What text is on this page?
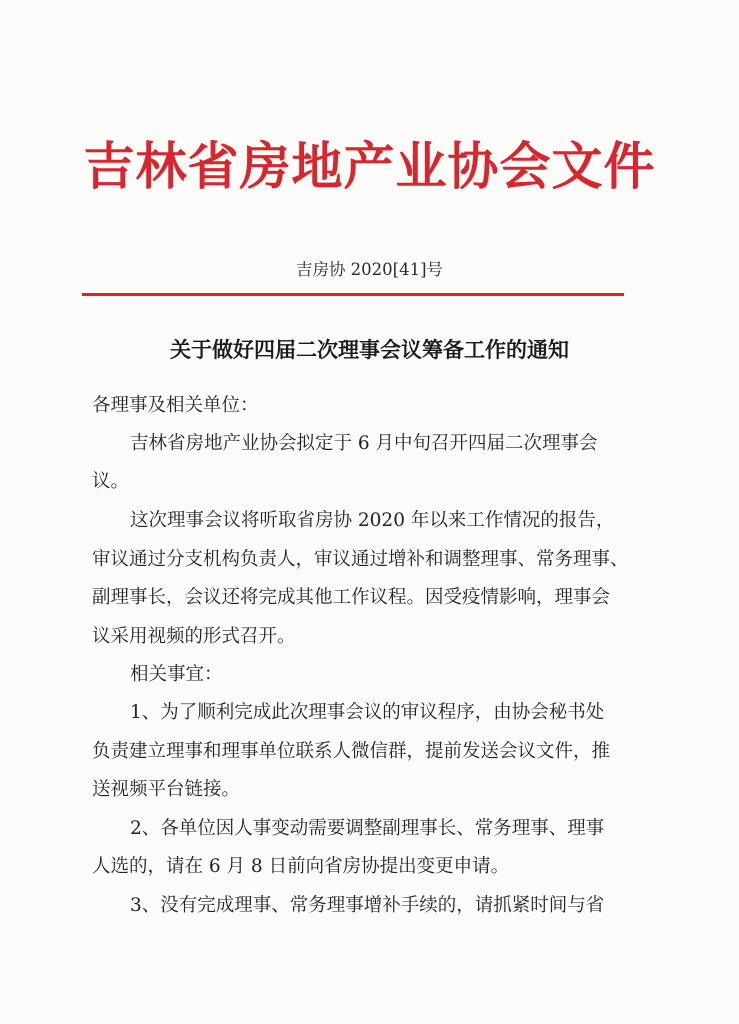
吉林省房地产业协会文件
吉房协 2020[41]号
关于做好四届二次理事会议筹备工作的通知
各理事及相关单位：
吉林省房地产业协会拟定于 6 月中旬召开四届二次理事会
议。
这次理事会议将听取省房协 2020 年以来工作情况的报告，
审议通过分支机构负责人，审议通过增补和调整理事、常务理事、
副理事长，会议还将完成其他工作议程。因受疫情影响，理事会
议采用视频的形式召开。
相关事宜：
1、为了顺利完成此次理事会议的审议程序，由协会秘书处
负责建立理事和理事单位联系人微信群，提前发送会议文件，推
送视频平台链接。
2、各单位因人事变动需要调整副理事长、常务理事、理事
人选的，请在 6 月 8 日前向省房协提出变更申请。
3、没有完成理事、常务理事增补手续的，请抓紧时间与省
